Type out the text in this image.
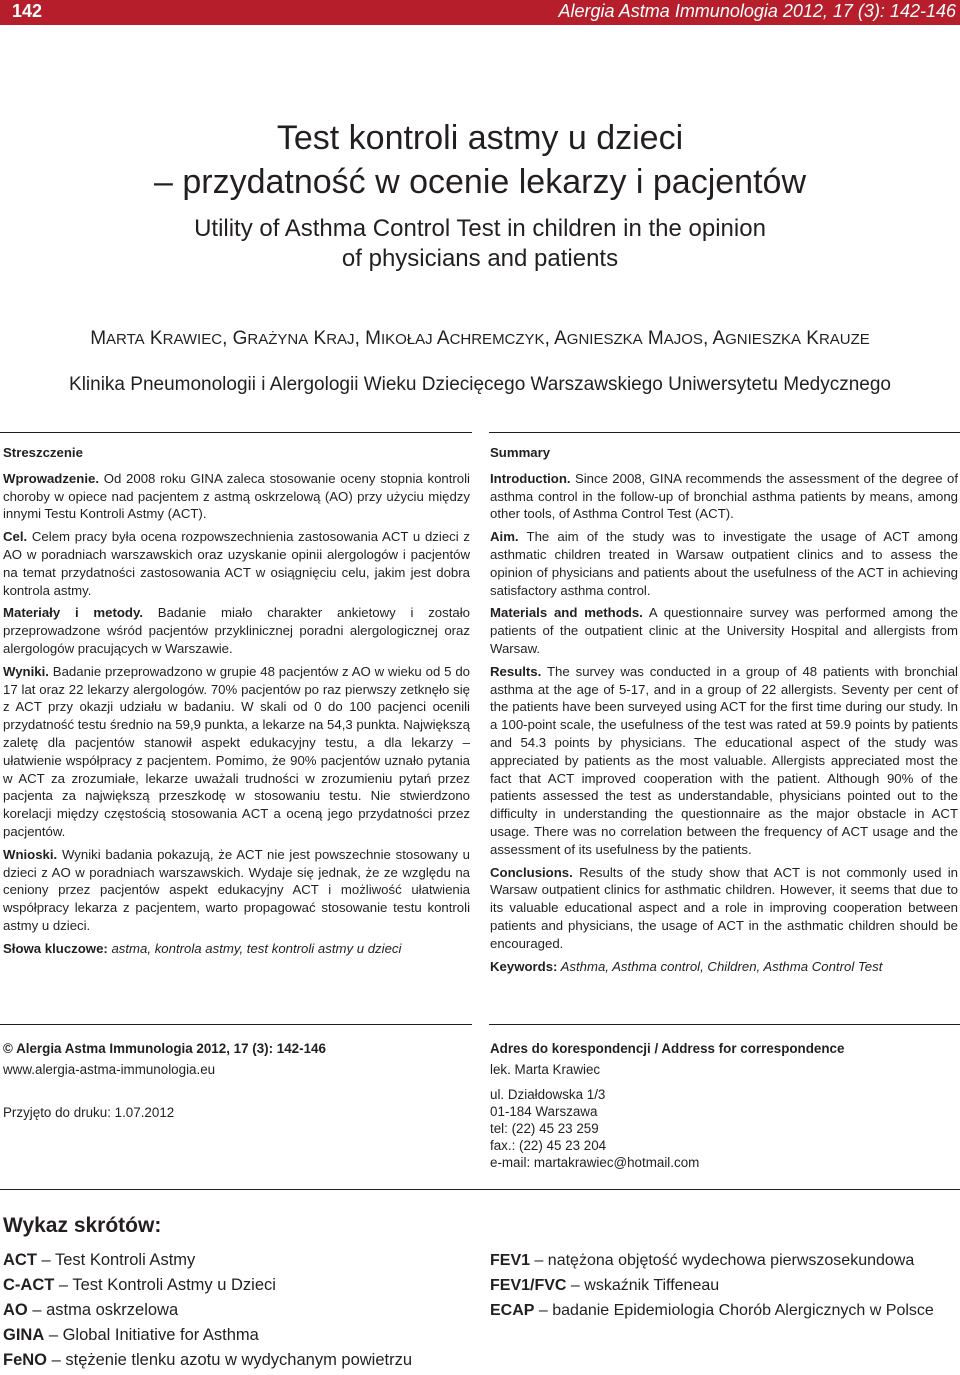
142	Alergia Astma Immunologia 2012, 17 (3): 142-146
Test kontroli astmy u dzieci
– przydatność w ocenie lekarzy i pacjentów
Utility of Asthma Control Test in children in the opinion
of physicians and patients
MARTA KRAWIEC, GRAŻYNA KRAJ, MIKOŁAJ ACHREMCZYK, AGNIESZKA MAJOS, AGNIESZKA KRAUZE
Klinika Pneumonologii i Alergologii Wieku Dziecięcego Warszawskiego Uniwersytetu Medycznego

Streszczenie

Wprowadzenie. Od 2008 roku GINA zaleca stosowanie oceny stopnia kontroli choroby w opiece nad pacjentem z astmą oskrzelową (AO) przy użyciu między innymi Testu Kontroli Astmy (ACT).

Cel. Celem pracy była ocena rozpowszechnienia zastosowania ACT u dzieci z AO w poradniach warszawskich oraz uzyskanie opinii alergologów i pacjentów na temat przydatności zastosowania ACT w osiągnięciu celu, jakim jest dobra kontrola astmy.

Materiały i metody. Badanie miało charakter ankietowy i zostało przeprowadzone wśród pacjentów przyklinicznej poradni alergologicznej oraz alergologów pracujących w Warszawie.

Wyniki. Badanie przeprowadzono w grupie 48 pacjentów z AO w wieku od 5 do 17 lat oraz 22 lekarzy alergologów. 70% pacjentów po raz pierwszy zetknęło się z ACT przy okazji udziału w badaniu. W skali od 0 do 100 pacjenci ocenili przydatność testu średnio na 59,9 punkta, a lekarze na 54,3 punkta. Największą zaletę dla pacjentów stanowił aspekt edukacyjny testu, a dla lekarzy – ułatwienie współpracy z pacjentem. Pomimo, że 90% pacjentów uznało pytania w ACT za zrozumiałe, lekarze uważali trudności w zrozumieniu pytań przez pacjenta za największą przeszkodę w stosowaniu testu. Nie stwierdzono korelacji między częstością stosowania ACT a oceną jego przydatności przez pacjentów.

Wnioski. Wyniki badania pokazują, że ACT nie jest powszechnie stosowany u dzieci z AO w poradniach warszawskich. Wydaje się jednak, że ze względu na ceniony przez pacjentów aspekt edukacyjny ACT i możliwość ułatwienia współpracy lekarza z pacjentem, warto propagować stosowanie testu kontroli astmy u dzieci.

Słowa kluczowe: astma, kontrola astmy, test kontroli astmy u dzieci

Summary

Introduction. Since 2008, GINA recommends the assessment of the degree of asthma control in the follow-up of bronchial asthma patients by means, among other tools, of Asthma Control Test (ACT).

Aim. The aim of the study was to investigate the usage of ACT among asthmatic children treated in Warsaw outpatient clinics and to assess the opinion of physicians and patients about the usefulness of the ACT in achieving satisfactory asthma control.

Materials and methods. A questionnaire survey was performed among the patients of the outpatient clinic at the University Hospital and allergists from Warsaw.

Results. The survey was conducted in a group of 48 patients with bronchial asthma at the age of 5-17, and in a group of 22 allergists. Seventy per cent of the patients have been surveyed using ACT for the first time during our study. In a 100-point scale, the usefulness of the test was rated at 59.9 points by patients and 54.3 points by physicians. The educational aspect of the study was appreciated by patients as the most valuable. Allergists appreciated most the fact that ACT improved cooperation with the patient. Although 90% of the patients assessed the test as understandable, physicians pointed out to the difficulty in understanding the questionnaire as the major obstacle in ACT usage. There was no correlation between the frequency of ACT usage and the assessment of its usefulness by the patients.

Conclusions. Results of the study show that ACT is not commonly used in Warsaw outpatient clinics for asthmatic children. However, it seems that due to its valuable educational aspect and a role in improving cooperation between patients and physicians, the usage of ACT in the asthmatic children should be encouraged.

Keywords: Asthma, Asthma control, Children, Asthma Control Test

© Alergia Astma Immunologia 2012, 17 (3): 142-146
www.alergia-astma-immunologia.eu
Przyjęto do druku: 1.07.2012
Adres do korespondencji / Address for correspondence
lek. Marta Krawiec
ul. Działdowska 1/3
01-184 Warszawa
tel: (22) 45 23 259
fax.: (22) 45 23 204
e-mail: martakrawiec@hotmail.com
Wykaz skrótów:
ACT – Test Kontroli Astmy
C-ACT – Test Kontroli Astmy u Dzieci
AO – astma oskrzelowa
GINA – Global Initiative for Asthma
FeNO – stężenie tlenku azotu w wydychanym powietrzu
FEV1 – natężona objętość wydechowa pierwszosekundowa
FEV1/FVC – wskaźnik Tiffeneau
ECAP – badanie Epidemiologia Chorób Alergicznych w Polsce
